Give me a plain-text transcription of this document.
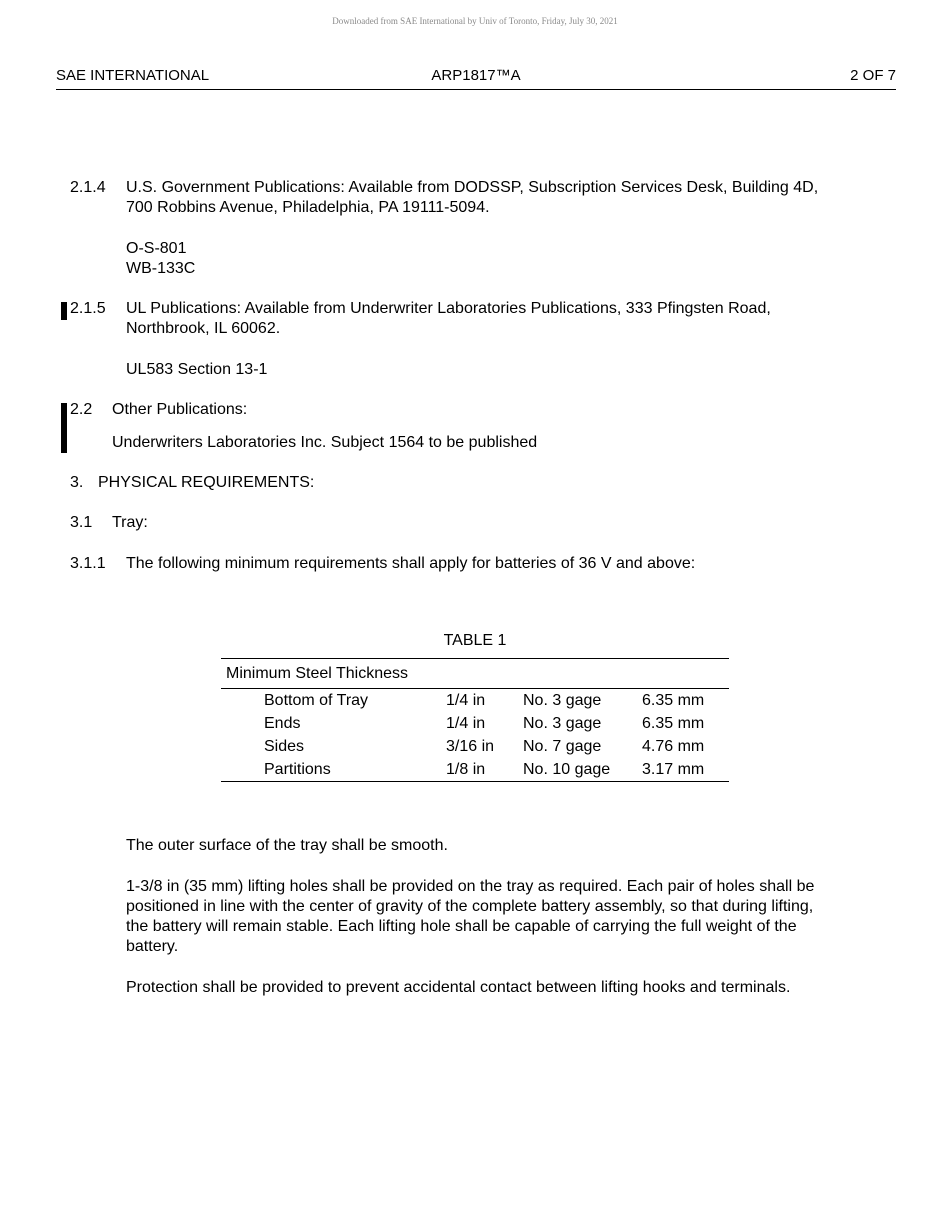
Downloaded from SAE International by Univ of Toronto, Friday, July 30, 2021
SAE INTERNATIONAL	ARP1817™A	2 OF 7
2.1.4 U.S. Government Publications: Available from DODSSP, Subscription Services Desk, Building 4D,
700 Robbins Avenue, Philadelphia, PA 19111-5094.
O-S-801
WB-133C
2.1.5 UL Publications: Available from Underwriter Laboratories Publications, 333 Pfingsten Road,
Northbrook, IL 60062.
UL583 Section 13-1
2.2 Other Publications:
Underwriters Laboratories Inc. Subject 1564 to be published
3. PHYSICAL REQUIREMENTS:
3.1 Tray:
3.1.1 The following minimum requirements shall apply for batteries of 36 V and above:
TABLE 1
Minimum Steel Thickness			
Bottom of Tray	1/4 in	No. 3 gage	6.35 mm
Ends	1/4 in	No. 3 gage	6.35 mm
Sides	3/16 in	No. 7 gage	4.76 mm
Partitions	1/8 in	No. 10 gage	3.17 mm
The outer surface of the tray shall be smooth.
1-3/8 in (35 mm) lifting holes shall be provided on the tray as required. Each pair of holes shall be
positioned in line with the center of gravity of the complete battery assembly, so that during lifting,
the battery will remain stable. Each lifting hole shall be capable of carrying the full weight of the
battery.
Protection shall be provided to prevent accidental contact between lifting hooks and terminals.
